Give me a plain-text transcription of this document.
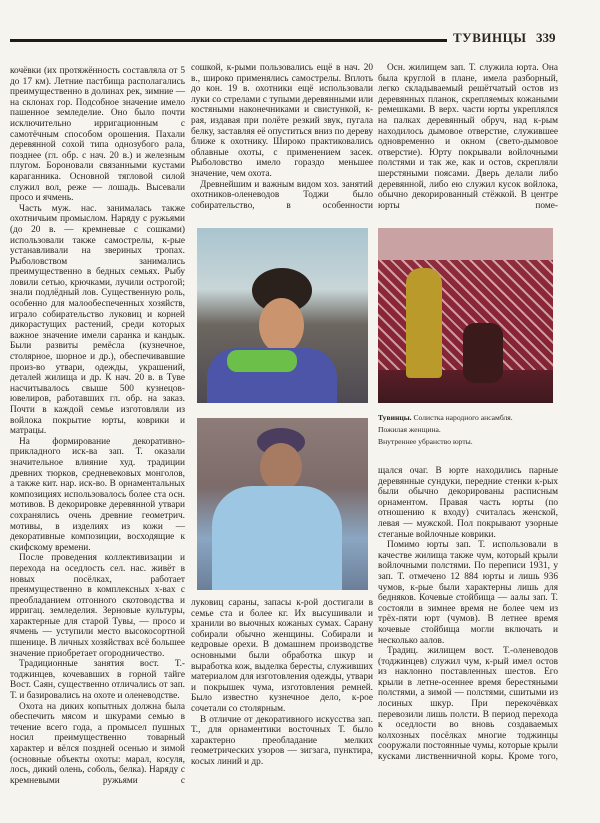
ТУВИНЦЫ 339

кочёвки (их протяжённость составляла от 5 до 17 км). Летние пастбища располагались преимущественно в долинах рек, зимние — на склонах гор. Подсобное значение имело пашенное земледелие. Оно было почти исключительно ирригационным с самотёчным способом орошения. Пахали деревянной сохой типа однозубого рала, позднее (гл. обр. с нач. 20 в.) и железным плугом. Бороновали связанными кустами караганника. Основной тягловой силой служил вол, реже — лошадь. Высевали просо и ячмень.

Часть муж. нас. занималась также охотничьим промыслом. Наряду с ружьями (до 20 в. — кремневые с сошками) использовали также самострелы, к-рые устанавливали на звериных тропах. Рыболовством занимались преимущественно в бедных семьях. Рыбу ловили сетью, крючками, лучили острогой; знали подлёдный лов. Существенную роль, особенно для малообеспеченных хозяйств, играло собирательство луковиц и корней дикорастущих растений, среди которых важное значение имели саранка и кандык. Были развиты ремёсла (кузнечное, столярное, шорное и др.), обеспечивавшие произ-во утвари, одежды, украшений, деталей жилища и др. К нач. 20 в. в Туве насчитывалось свыше 500 кузнецов-ювелиров, работавших гл. обр. на заказ. Почти в каждой семье изготовляли из войлока покрытие юрты, коврики и матрацы.

На формирование декоративно-прикладного иск-ва зап. Т. оказали значительное влияние худ. традиции древних тюрков, средневековых монголов, а также кит. нар. иск-во. В орнаментальных композициях использовалось более ста осн. мотивов. В декорировке деревянной утвари сохранялись очень древние геометрич. мотивы, в изделиях из кожи — декоративные композиции, восходящие к скифскому времени.

После проведения коллективизации и перехода на оседлость сел. нас. живёт в новых посёлках, работает преимущественно в комплексных х-вах с преобладанием отгонного скотоводства и ирригац. земледелия. Зерновые культуры, характерные для старой Тувы, — просо и ячмень — уступили место высокосортной пшенице. В личных хозяйствах всё большее значение приобретает огородничество.

Традиционные занятия вост. Т.-тоджинцев, кочевавших в горной тайге Вост. Саян, существенно отличались от зап. Т. и базировались на охоте и оленеводстве.

Охота на диких копытных должна была обеспечить мясом и шкурами семью в течение всего года, а промысел пушных носил преимущественно товарный характер и вёлся поздней осенью и зимой (основные объекты охоты: марал, косуля, лось, дикий олень, соболь, белка). Наряду с кремневыми ружьями с

сошкой, к-рыми пользовались ещё в нач. 20 в., широко применялись самострелы. Вплоть до кон. 19 в. охотники ещё использовали луки со стрелами с тупыми деревянными или костяными наконечниками и свистункой, к-рая, издавая при полёте резкий звук, пугала белку, заставляя её опуститься вниз по дереву ближе к охотнику. Широко практиковались облавные охоты, с применением засек. Рыболовство имело гораздо меньшее значение, чем охота.

Древнейшим и важным видом хоз. занятий охотников-оленеводов Тоджи было собирательство, в особенности

Тувинцы. Солистка народного ансамбля.
Пожилая женщина.
Внутреннее убранство юрты.

Осн. жилищем зап. Т. служила юрта. Она была круглой в плане, имела разборный, легко складываемый решётчатый остов из деревянных планок, скрепляемых кожаными ремешками. В верх. части юрты укреплялся на палках деревянный обруч, над к-рым находилось дымовое отверстие, служившее одновременно и окном (свето-дымовое отверстие). Юрту покрывали войлочными полстями и так же, как и остов, скрепляли шерстяными поясами. Дверь делали либо деревянной, либо ею служил кусок войлока, обычно декорированный стёжкой. В центре юрты поме-

щался очаг. В юрте находились парные деревянные сундуки, передние стенки к-рых были обычно декорированы расписным орнаментом. Правая часть юрты (по отношению к входу) считалась женской, левая — мужской. Пол покрывают узорные стеганые войлочные коврики.

Помимо юрты зап. Т. использовали в качестве жилища также чум, который крыли войлочными полстями. По переписи 1931, у зап. Т. отмечено 12 884 юрты и лишь 936 чумов, к-рые были характерны лишь для бедняков. Кочевые стойбища — аалы зап. Т. состояли в зимнее время не более чем из трёх-пяти юрт (чумов). В летнее время кочевые стойбища могли включать и несколько аалов.

Традиц. жилищем вост. Т.-оленеводов (тоджинцев) служил чум, к-рый имел остов из наклонно поставленных шестов. Его крыли в летне-осеннее время берестяными полстями, а зимой — полстями, сшитыми из лосиных шкур. При перекочёвках перевозили лишь полсти. В период перехода к оседлости во вновь создаваемых колхозных посёлках многие тоджинцы сооружали постоянные чумы, которые крыли кусками лиственничной коры. Кроме того,

луковиц сараны, запасы к-рой достигали в семье ста и более кг. Их высушивали и хранили во вьючных кожаных сумах. Сарану собирали обычно женщины. Собирали и кедровые орехи. В домашнем производстве основными были обработка шкур и выработка кож, выделка бересты, служивших материалом для изготовления одежды, утвари и покрышек чума, изготовления ремней. Было известно кузнечное дело, к-рое сочетали со столярным.

В отличие от декоративного искусства зап. Т., для орнаментики восточных Т. было характерно преобладание мелких геометрических узоров — зигзага, пунктира, косых линий и др.
